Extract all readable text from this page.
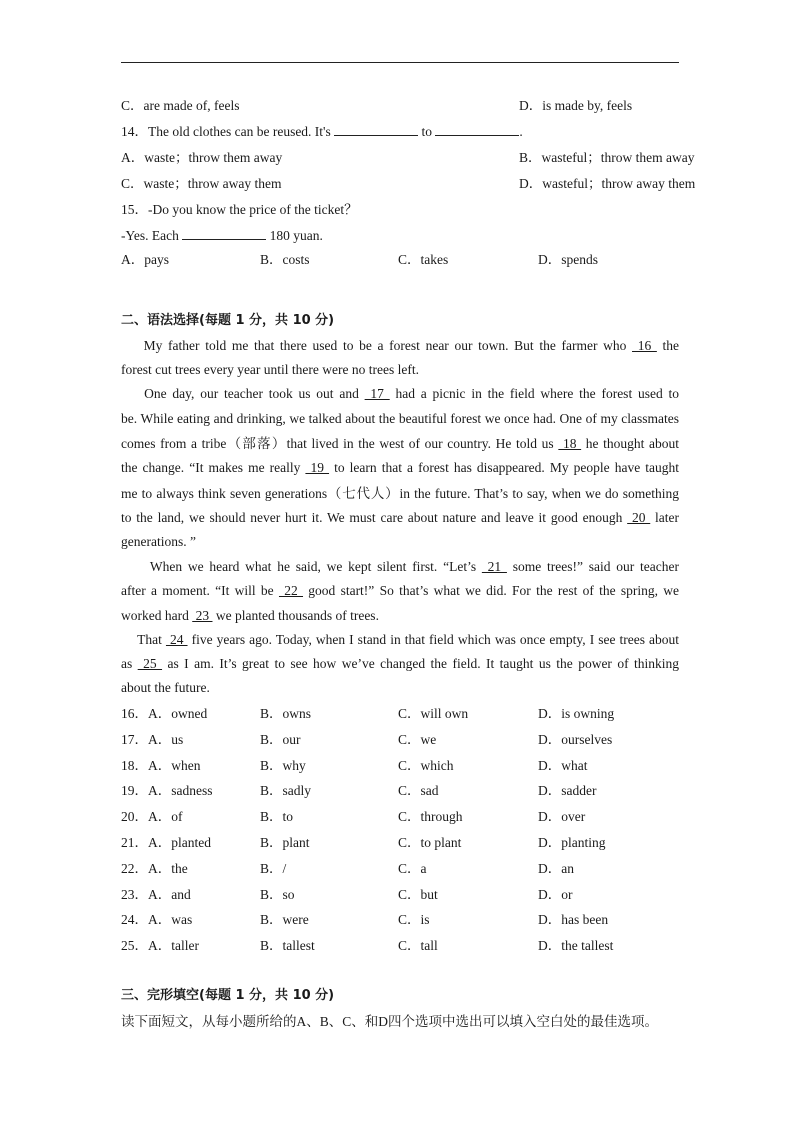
C．are made of, feels	D．is made by, feels
14．The old clothes can be reused. It's	to	.
A．waste；throw them away	B．wasteful；throw them away
C．waste；throw away them	D．wasteful；throw away them
15．-Do you know the price of the ticket？
-Yes. Each	180 yuan.
A．pays	B．costs	C．takes	D．spends
二、语法选择(每题 1 分，共 10 分)
My father told me that there used to be a forest near our town. But the farmer who  16  the
forest cut trees every year until there were no trees left.
One day, our teacher took us out and  17  had a picnic in the field where the forest used to
be. While eating and drinking, we talked about the beautiful forest we once had. One of my classmates
comes from a tribe（部落）that lived in the west of our country. He told us  18  he thought about
the change. “It makes me really  19  to learn that a forest has disappeared. My people have taught
me to always think seven generations（七代人）in the future. That’s to say, when we do something
to the land, we should never hurt it. We must care about nature and leave it good enough  20  later
generations. ”
When we heard what he said, we kept silent first. “Let’s  21  some trees!” said our teacher
after a moment. “It will be  22  good start!” So that’s what we did. For the rest of the spring, we
worked hard  23  we planted thousands of trees.
That  24  five years ago. Today, when I stand in that field which was once empty, I see trees about
as  25  as I am. It’s great to see how we’ve changed the field. It taught us the power of thinking
about the future.
16．A．owned	B．owns	C．will own	D．is owning
17．A．us	B．our	C．we	D．ourselves
18．A．when	B．why	C．which	D．what
19．A．sadness	B．sadly	C．sad	D．sadder
20．A．of	B．to	C．through	D．over
21．A．planted	B．plant	C．to plant	D．planting
22．A．the	B．/	C．a	D．an
23．A．and	B．so	C．but	D．or
24．A．was	B．were	C．is	D．has been
25．A．taller	B．tallest	C．tall	D．the tallest
三、完形填空(每题 1 分，共 10 分)
读下面短文，从每小题所给的A、B、C、和D四个选项中选出可以填入空白处的最佳选项。
